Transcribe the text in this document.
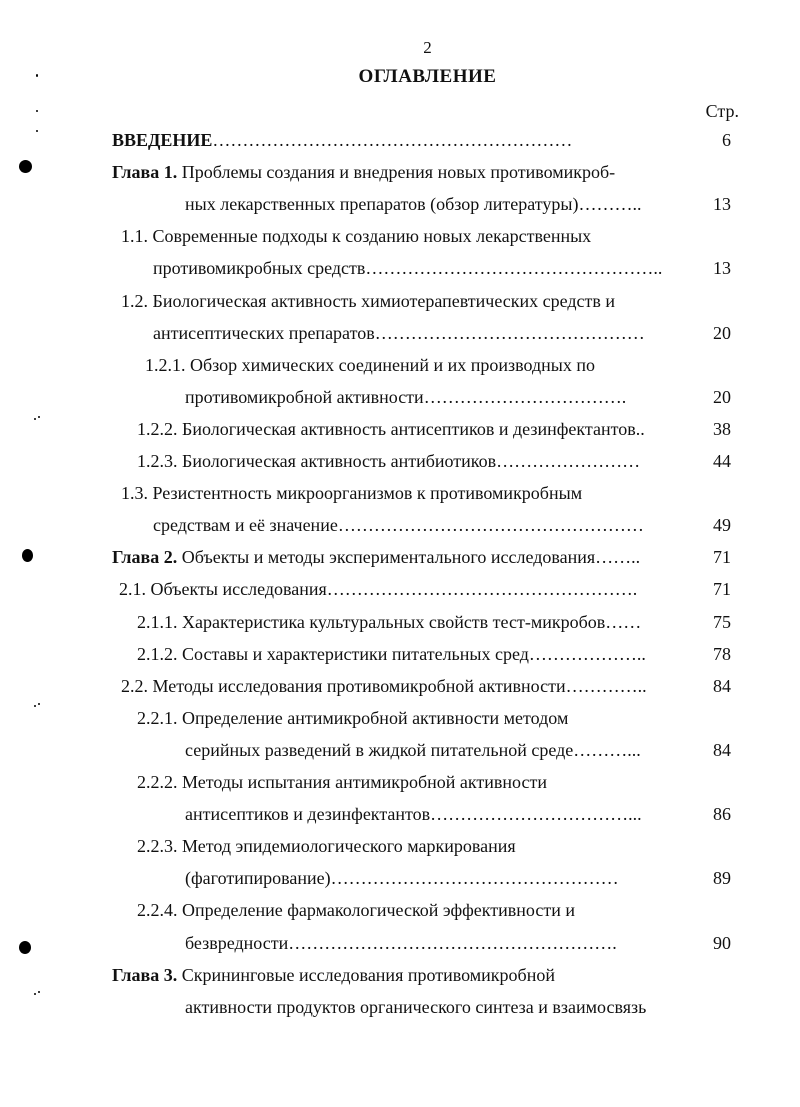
2
ОГЛАВЛЕНИЕ
Стр.
ВВЕДЕНИЕ……………………………………………………	6
Глава 1. Проблемы создания и внедрения новых противомикроб-
ных лекарственных препаратов (обзор литературы)………..	13
1.1. Современные подходы к созданию новых лекарственных
противомикробных средств…………………………………………..	13
1.2. Биологическая активность химиотерапевтических средств и
антисептических препаратов………………………………………	20
1.2.1. Обзор химических соединений и их производных по
противомикробной активности…………………………….	20
1.2.2. Биологическая активность антисептиков и дезинфектантов..	38
1.2.3. Биологическая активность антибиотиков……………………	44
1.3. Резистентность микроорганизмов к противомикробным
средствам и её значение……………………………………………	49
Глава 2. Объекты и методы экспериментального исследования……..	71
2.1. Объекты исследования…………………………………………….	71
2.1.1. Характеристика культуральных свойств тест-микробов……	75
2.1.2. Составы и характеристики питательных сред………………..	78
2.2. Методы исследования противомикробной активности…………..	84
2.2.1. Определение антимикробной активности методом
серийных разведений в жидкой питательной среде………...	84
2.2.2. Методы испытания антимикробной активности
антисептиков и дезинфектантов……………………………...	86
2.2.3. Метод эпидемиологического маркирования
(фаготипирование)…………………………………………	89
2.2.4. Определение фармакологической эффективности и
безвредности……………………………………………….	90
Глава 3. Скрининговые исследования противомикробной
активности продуктов органического синтеза и взаимосвязь
